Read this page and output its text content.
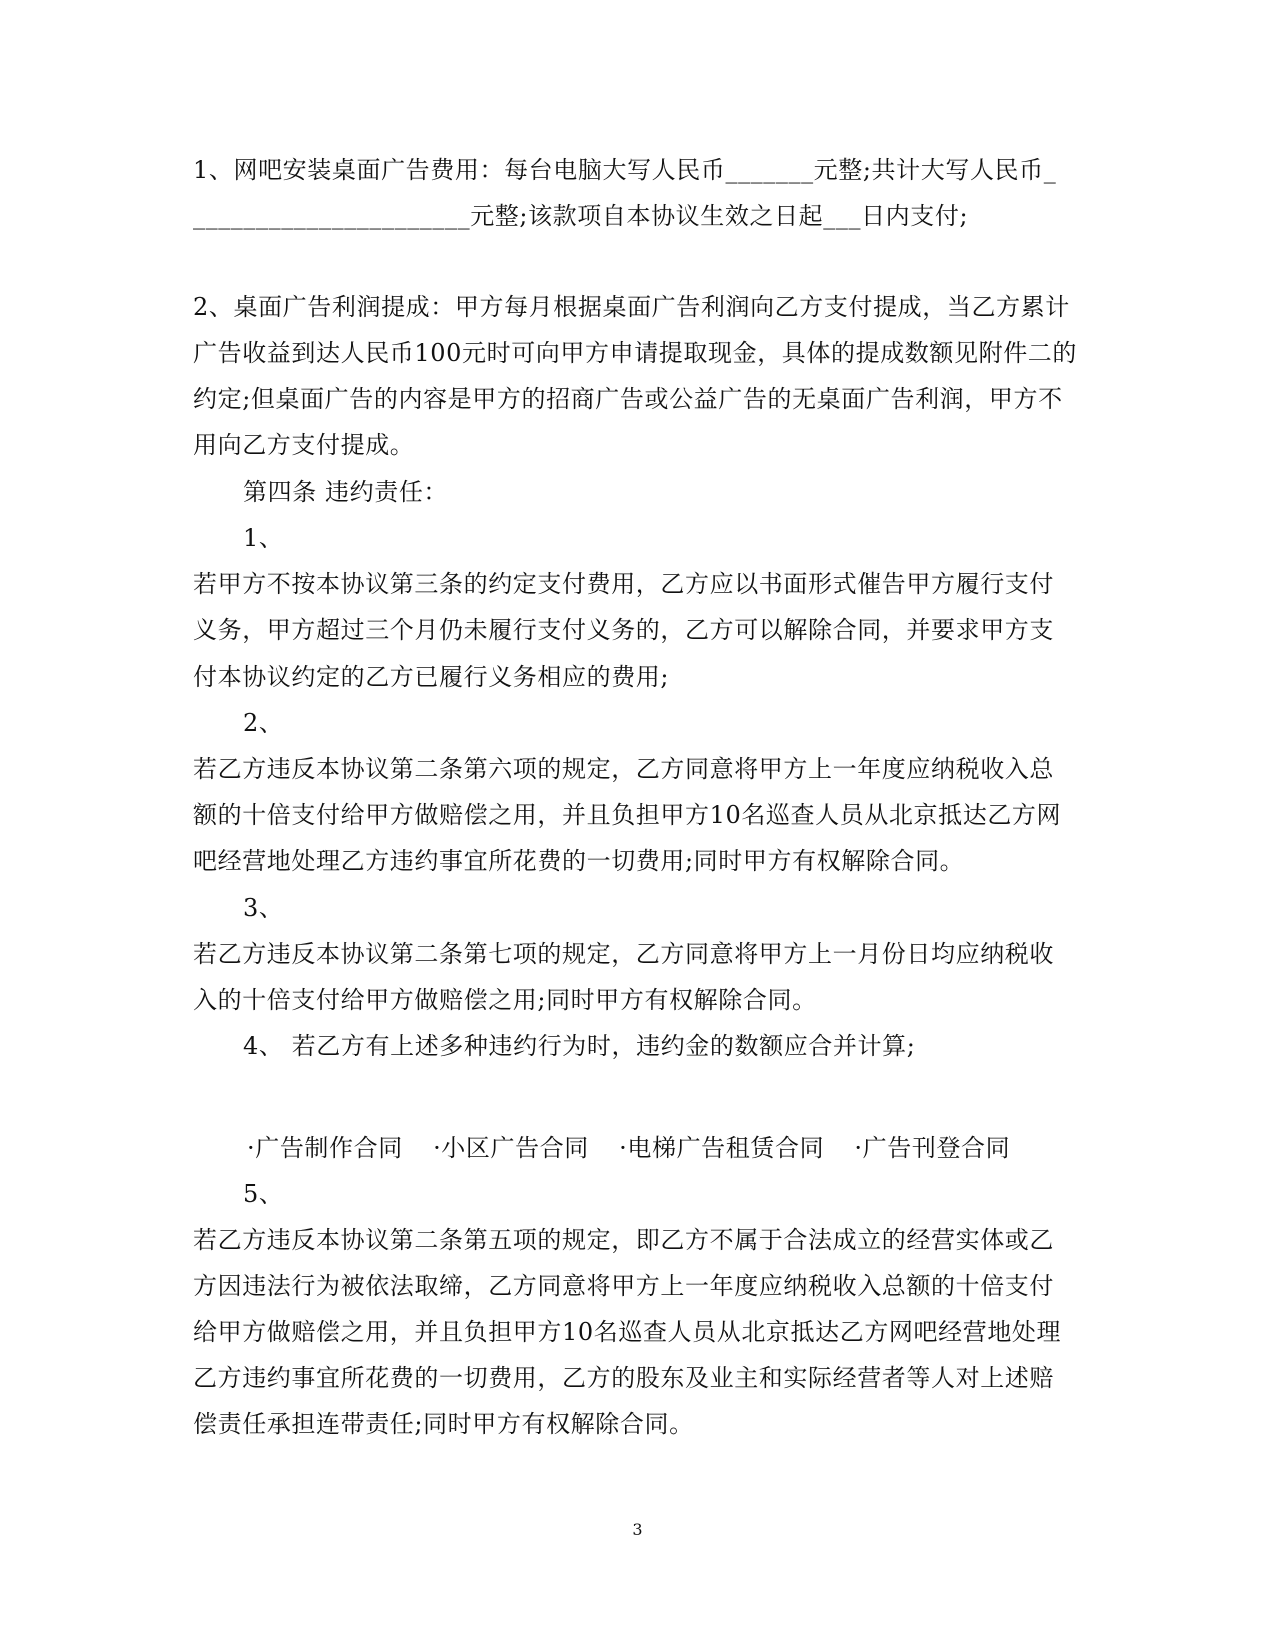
1、网吧安装桌面广告费用：每台电脑大写人民币_______元整;共计大写人民币_
______________________元整;该款项自本协议生效之日起___日内支付;
2、桌面广告利润提成：甲方每月根据桌面广告利润向乙方支付提成，当乙方累计
广告收益到达人民币100元时可向甲方申请提取现金，具体的提成数额见附件二的
约定;但桌面广告的内容是甲方的招商广告或公益广告的无桌面广告利润，甲方不
用向乙方支付提成。
第四条 违约责任：
1、
若甲方不按本协议第三条的约定支付费用，乙方应以书面形式催告甲方履行支付
义务，甲方超过三个月仍未履行支付义务的，乙方可以解除合同，并要求甲方支
付本协议约定的乙方已履行义务相应的费用;
2、
若乙方违反本协议第二条第六项的规定，乙方同意将甲方上一年度应纳税收入总
额的十倍支付给甲方做赔偿之用，并且负担甲方10名巡查人员从北京抵达乙方网
吧经营地处理乙方违约事宜所花费的一切费用;同时甲方有权解除合同。
3、
若乙方违反本协议第二条第七项的规定，乙方同意将甲方上一月份日均应纳税收
入的十倍支付给甲方做赔偿之用;同时甲方有权解除合同。
4、 若乙方有上述多种违约行为时，违约金的数额应合并计算;
·广告制作合同 ·小区广告合同 ·电梯广告租赁合同 ·广告刊登合同
5、
若乙方违反本协议第二条第五项的规定，即乙方不属于合法成立的经营实体或乙
方因违法行为被依法取缔，乙方同意将甲方上一年度应纳税收入总额的十倍支付
给甲方做赔偿之用，并且负担甲方10名巡查人员从北京抵达乙方网吧经营地处理
乙方违约事宜所花费的一切费用，乙方的股东及业主和实际经营者等人对上述赔
偿责任承担连带责任;同时甲方有权解除合同。
3
